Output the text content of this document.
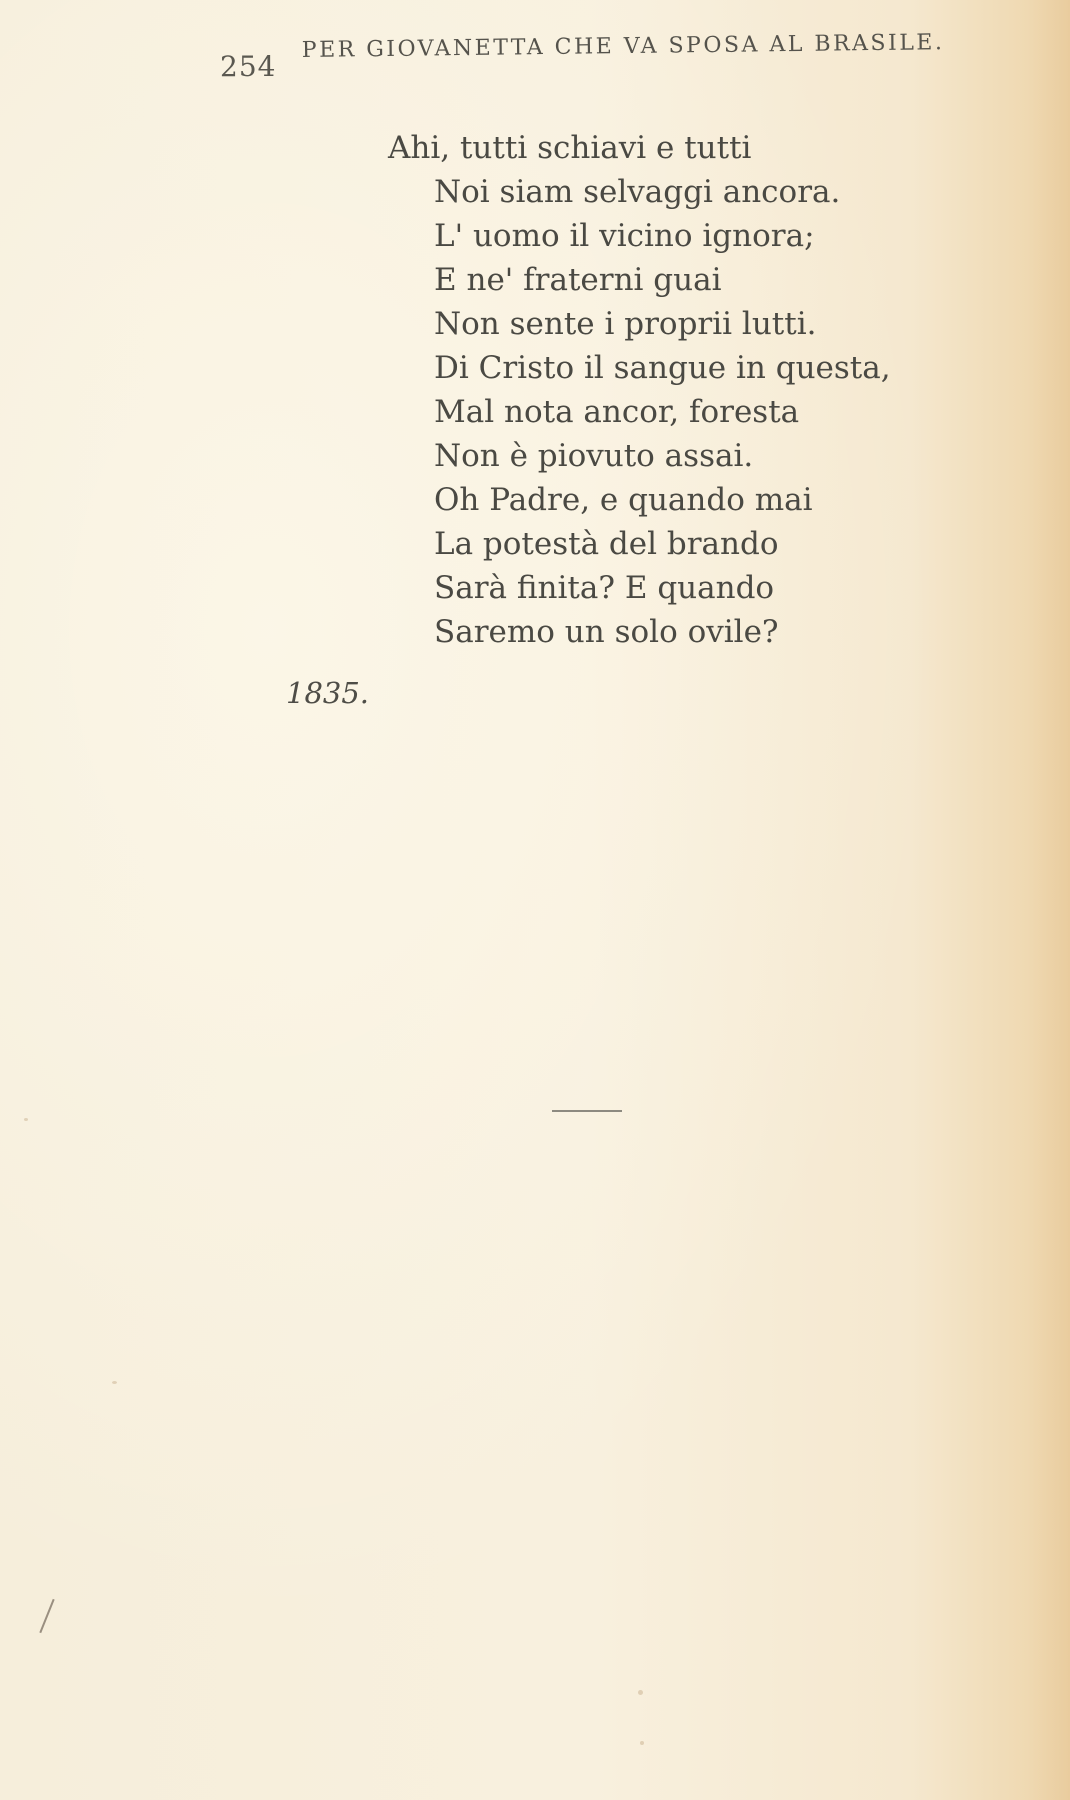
254
PER GIOVANETTA CHE VA SPOSA AL BRASILE.
Ahi, tutti schiavi e tutti
Noi siam selvaggi ancora.
L' uomo il vicino ignora;
E ne' fraterni guai
Non sente i proprii lutti.
Di Cristo il sangue in questa,
Mal nota ancor, foresta
Non è piovuto assai.
Oh Padre, e quando mai
La potestà del brando
Sarà finita? E quando
Saremo un solo ovile?
1835.
